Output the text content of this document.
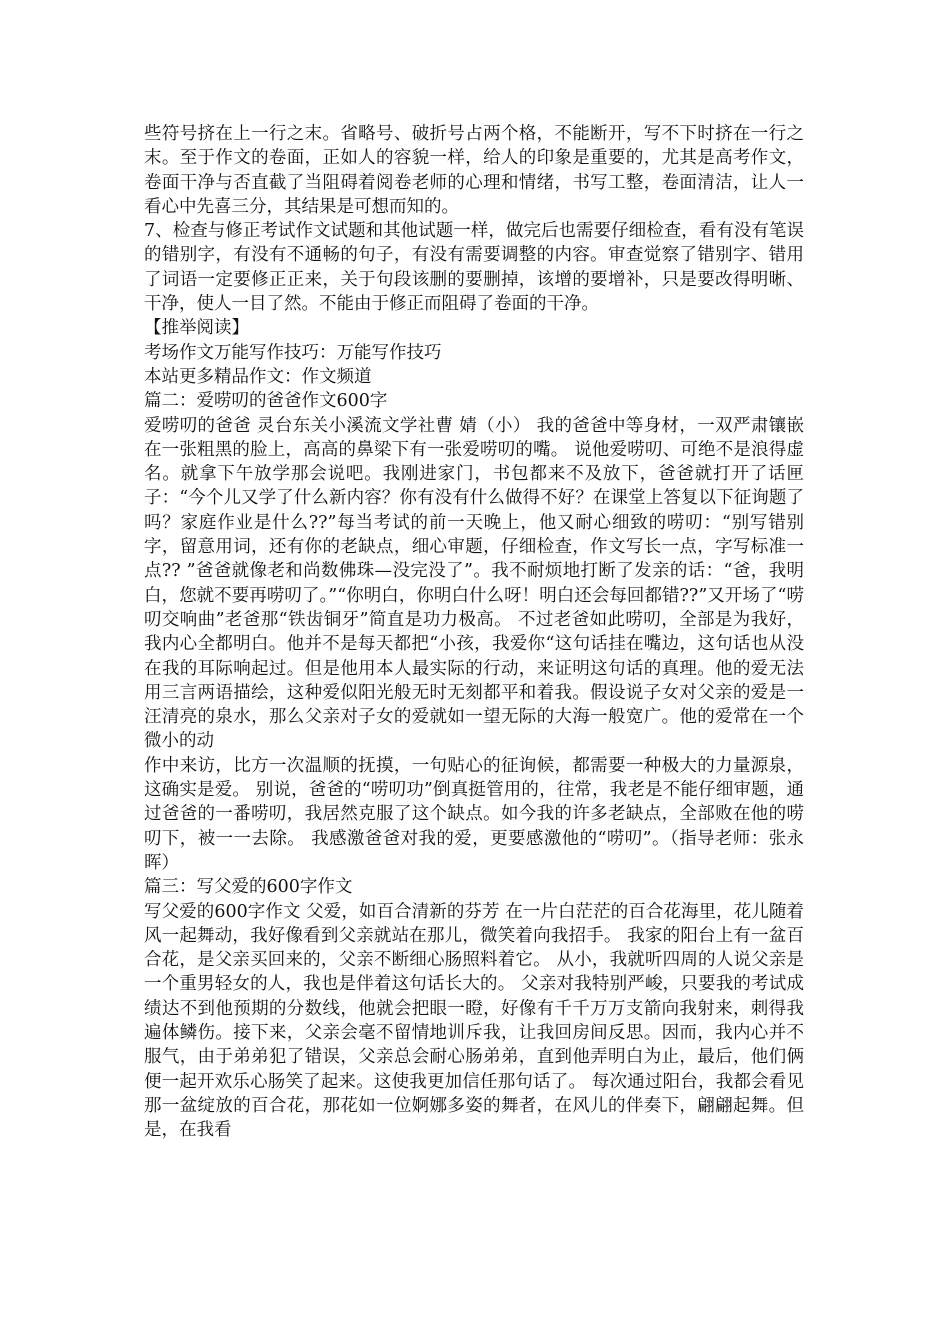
些符号挤在上一行之末。省略号、破折号占两个格，不能断开，写不下时挤在一行之末。至于作文的卷面，正如人的容貌一样，给人的印象是重要的，尤其是高考作文，卷面干净与否直截了当阻碍着阅卷老师的心理和情绪，书写工整，卷面清洁，让人一看心中先喜三分，其结果是可想而知的。

7、检查与修正考试作文试题和其他试题一样，做完后也需要仔细检查，看有没有笔误的错别字，有没有不通畅的句子，有没有需要调整的内容。审查觉察了错别字、错用了词语一定要修正正来，关于句段该删的要删掉，该增的要增补，只是要改得明晰、干净，使人一目了然。不能由于修正而阻碍了卷面的干净。

【推举阅读】

考场作文万能写作技巧：万能写作技巧

本站更多精品作文：作文频道

篇二：爱唠叨的爸爸作文600字

爱唠叨的爸爸 灵台东关小溪流文学社曹 婧（小） 我的爸爸中等身材，一双严肃镶嵌在一张粗黑的脸上，高高的鼻梁下有一张爱唠叨的嘴。 说他爱唠叨、可绝不是浪得虚名。就拿下午放学那会说吧。我刚进家门，书包都来不及放下，爸爸就打开了话匣子：“今个儿又学了什么新内容？你有没有什么做得不好？在课堂上答复以下征询题了吗？家庭作业是什么??”每当考试的前一天晚上，他又耐心细致的唠叨：“别写错别字，留意用词，还有你的老缺点，细心审题，仔细检查，作文写长一点，字写标准一点?? ”爸爸就像老和尚数佛珠—没完没了”。我不耐烦地打断了发亲的话：“爸，我明白，您就不要再唠叨了。”“你明白，你明白什么呀！明白还会每回都错??”又开场了“唠叨交响曲”老爸那“铁齿铜牙”简直是功力极高。 不过老爸如此唠叨，全部是为我好，我内心全都明白。他并不是每天都把“小孩，我爱你“这句话挂在嘴边，这句话也从没在我的耳际响起过。但是他用本人最实际的行动，来证明这句话的真理。他的爱无法用三言两语描绘，这种爱似阳光般无时无刻都平和着我。假设说子女对父亲的爱是一汪清亮的泉水，那么父亲对子女的爱就如一望无际的大海一般宽广。他的爱常在一个微小的动

作中来访，比方一次温顺的抚摸，一句贴心的征询候，都需要一种极大的力量源泉，这确实是爱。 别说，爸爸的“唠叨功”倒真挺管用的，往常，我老是不能仔细审题，通过爸爸的一番唠叨，我居然克服了这个缺点。如今我的许多老缺点，全部败在他的唠叨下，被一一去除。 我感激爸爸对我的爱，更要感激他的“唠叨”。（指导老师：张永晖）

篇三：写父爱的600字作文

写父爱的600字作文 父爱，如百合清新的芬芳 在一片白茫茫的百合花海里，花儿随着风一起舞动，我好像看到父亲就站在那儿，微笑着向我招手。 我家的阳台上有一盆百合花，是父亲买回来的，父亲不断细心肠照料着它。 从小，我就听四周的人说父亲是一个重男轻女的人，我也是伴着这句话长大的。 父亲对我特别严峻，只要我的考试成绩达不到他预期的分数线，他就会把眼一瞪，好像有千千万万支箭向我射来，刺得我遍体鳞伤。接下来，父亲会毫不留情地训斥我，让我回房间反思。因而，我内心并不服气，由于弟弟犯了错误，父亲总会耐心肠弟弟，直到他弄明白为止，最后，他们俩便一起开欢乐心肠笑了起来。这使我更加信任那句话了。 每次通过阳台，我都会看见那一盆绽放的百合花，那花如一位婀娜多姿的舞者，在风儿的伴奏下，翩翩起舞。但是，在我看
